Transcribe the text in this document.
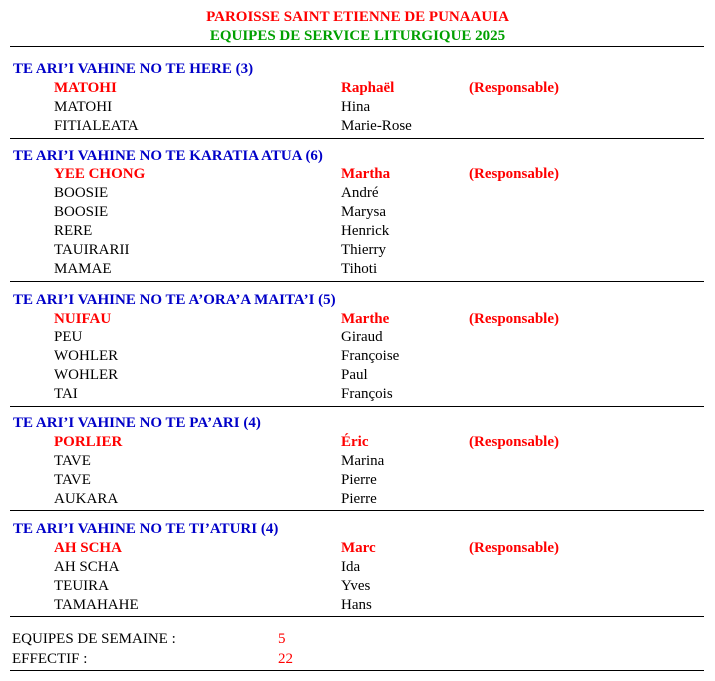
PAROISSE SAINT ETIENNE DE PUNAAUIA
EQUIPES DE SERVICE LITURGIQUE 2025
TE ARI’I VAHINE NO TE HERE (3)
MATOHI	Raphaël	(Responsable)
MATOHI	Hina
FITIALEATA	Marie-Rose
TE ARI’I VAHINE NO TE KARATIA ATUA (6)
YEE CHONG	Martha	(Responsable)
BOOSIE	André
BOOSIE	Marysa
RERE	Henrick
TAUIRARII	Thierry
MAMAE	Tihoti
TE ARI’I VAHINE NO TE A’ORA’A MAITA’I (5)
NUIFAU	Marthe	(Responsable)
PEU	Giraud
WOHLER	Françoise
WOHLER	Paul
TAI	François
TE ARI’I VAHINE NO TE PA’ARI (4)
PORLIER	Éric	(Responsable)
TAVE	Marina
TAVE	Pierre
AUKARA	Pierre
TE ARI’I VAHINE NO TE TI’ATURI (4)
AH SCHA	Marc	(Responsable)
AH SCHA	Ida
TEUIRA	Yves
TAMAHAHE	Hans
EQUIPES DE SEMAINE :	5
EFFECTIF :	22
